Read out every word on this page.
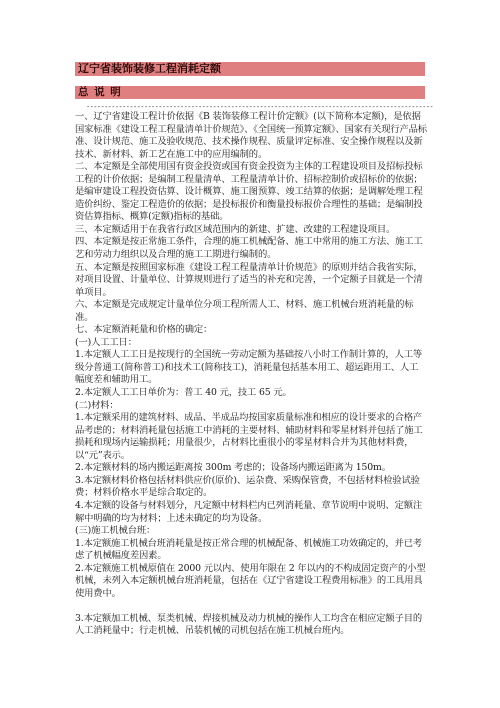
辽宁省装饰装修工程消耗定额
总 说 明
------------------------------------------------------------------------------------------------

一、辽宁省建设工程计价依据《B 装饰装修工程计价定额》(以下简称本定额)，是依据国家标准《建设工程工程量清单计价规范》、《全国统一预算定额》、国家有关现行产品标准、设计规范、施工及验收规范、技术操作规程、质量评定标准、安全操作规程以及新技术、新材料、新工艺在施工中的应用编制的。

二、本定额是全部使用国有资金投资或国有资金投资为主体的工程建设项目及招标投标工程的计价依据；是编制工程量清单、工程量清单计价、招标控制价或招标价的依据；是编审建设工程投资估算、设计概算、施工图预算、竣工结算的依据；是调解处理工程造价纠纷、鉴定工程造价的依据；是投标报价和衡量投标报价合理性的基础；是编制投资估算指标、概算(定额)指标的基础。

三、本定额适用于在我省行政区域范围内的新建、扩建、改建的工程建设项目。

四、本定额是按正常施工条件，合理的施工机械配备、施工中常用的施工方法、施工工艺和劳动力组织以及合理的施工工期进行编制的。

五、本定额是按照国家标准《建设工程工程量清单计价规范》的原则并结合我省实际，对项目设置、计量单位、计算规则进行了适当的补充和完善，一个定额子目就是一个清单项目。

六、本定额是完成规定计量单位分项工程所需人工、材料、施工机械台班消耗量的标准。

七、本定额消耗量和价格的确定：

(一)人工工日：

1.本定额人工工日是按现行的全国统一劳动定额为基础按八小时工作制计算的，人工等级分普通工(简称普工)和技术工(简称技工)，消耗量包括基本用工、超运距用工、人工幅度差和辅助用工。

2.本定额人工工日单价为：普工 40 元，技工 65 元。

(二)材料：

1.本定额采用的建筑材料、成品、半成品均按国家质量标准和相应的设计要求的合格产品考虑的；材料消耗量包括施工中消耗的主要材料、辅助材料和零星材料并包括了施工损耗和现场内运输损耗；用量很少，占材料比重很小的零星材料合并为其他材料费，以“元”表示。

2.本定额材料的场内搬运距离按 300m 考虑的；设备场内搬运距离为 150m。

3.本定额材料价格包括材料供应价(原价)、运杂费、采购保管费，不包括材料检验试验费；材料价格水平是综合取定的。

4.本定额的设备与材料划分，凡定额中材料栏内已列消耗量、章节说明中说明、定额注解中明确的均为材料；上述未确定的均为设备。

(三)施工机械台班：

1.本定额施工机械台班消耗量是按正常合理的机械配备、机械施工功效确定的，并已考虑了机械幅度差因素。

2.本定额施工机械原值在 2000 元以内、使用年限在 2 年以内的不构成固定资产的小型机械，未列入本定额机械台班消耗量，包括在《辽宁省建设工程费用标准》的工具用具使用费中。

3.本定额加工机械、泵类机械、焊接机械及动力机械的操作人工均含在相应定额子目的人工消耗量中；行走机械、吊装机械的司机包括在施工机械台班内。
